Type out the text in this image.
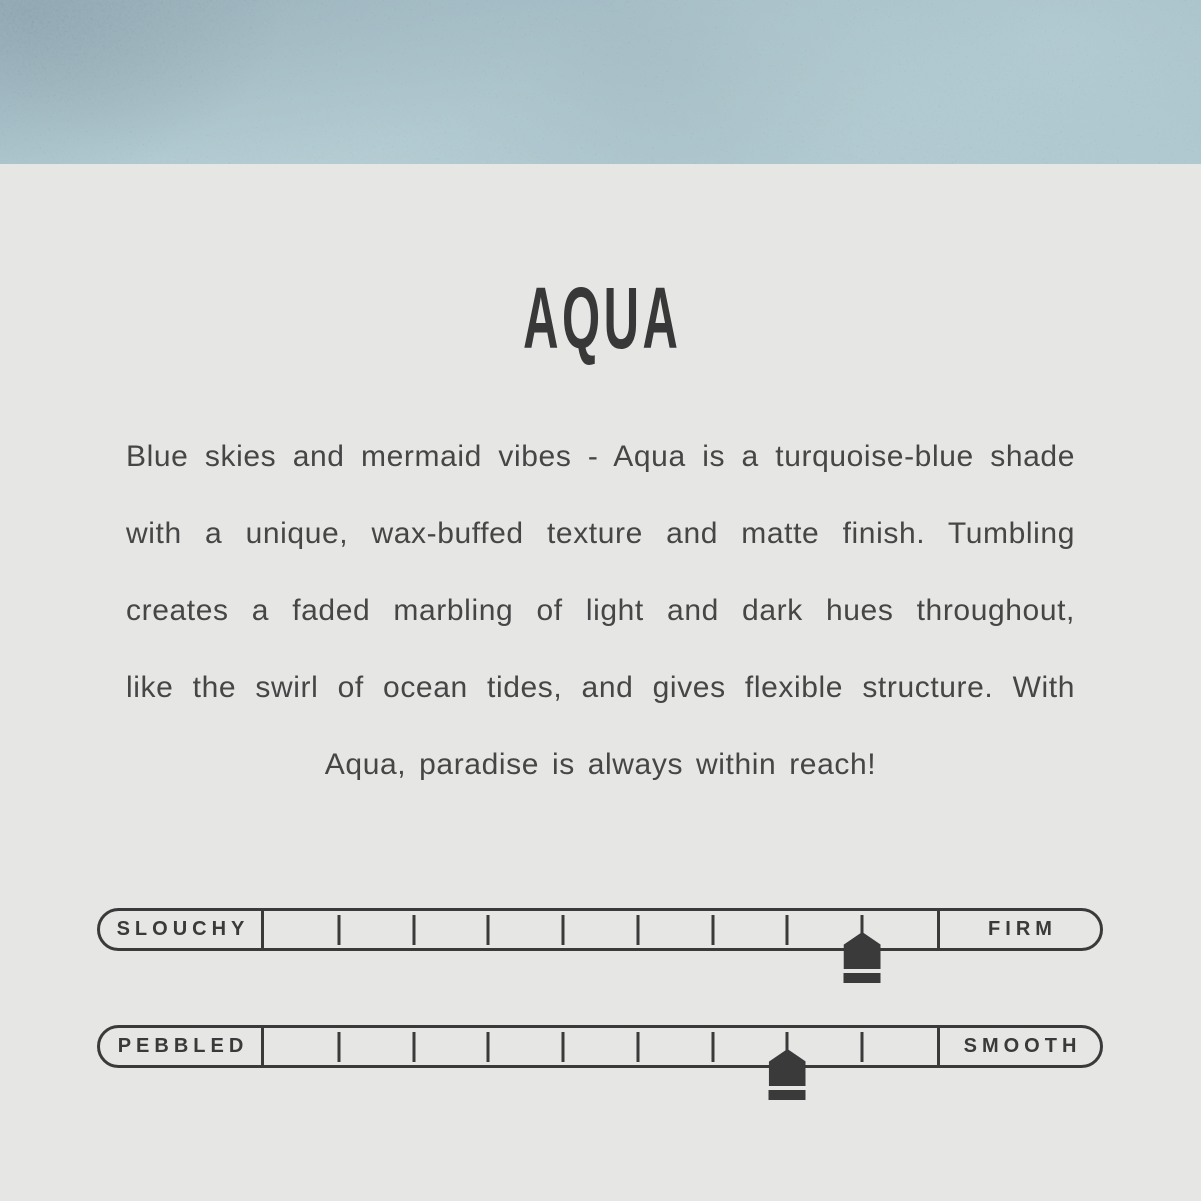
AQUA
Blue skies and mermaid vibes - Aqua is a turquoise-blue shade
with a unique, wax-buffed texture and matte finish. Tumbling
creates a faded marbling of light and dark hues throughout,
like the swirl of ocean tides, and gives flexible structure. With
Aqua, paradise is always within reach!
SLOUCHY	FIRM
PEBBLED	SMOOTH
